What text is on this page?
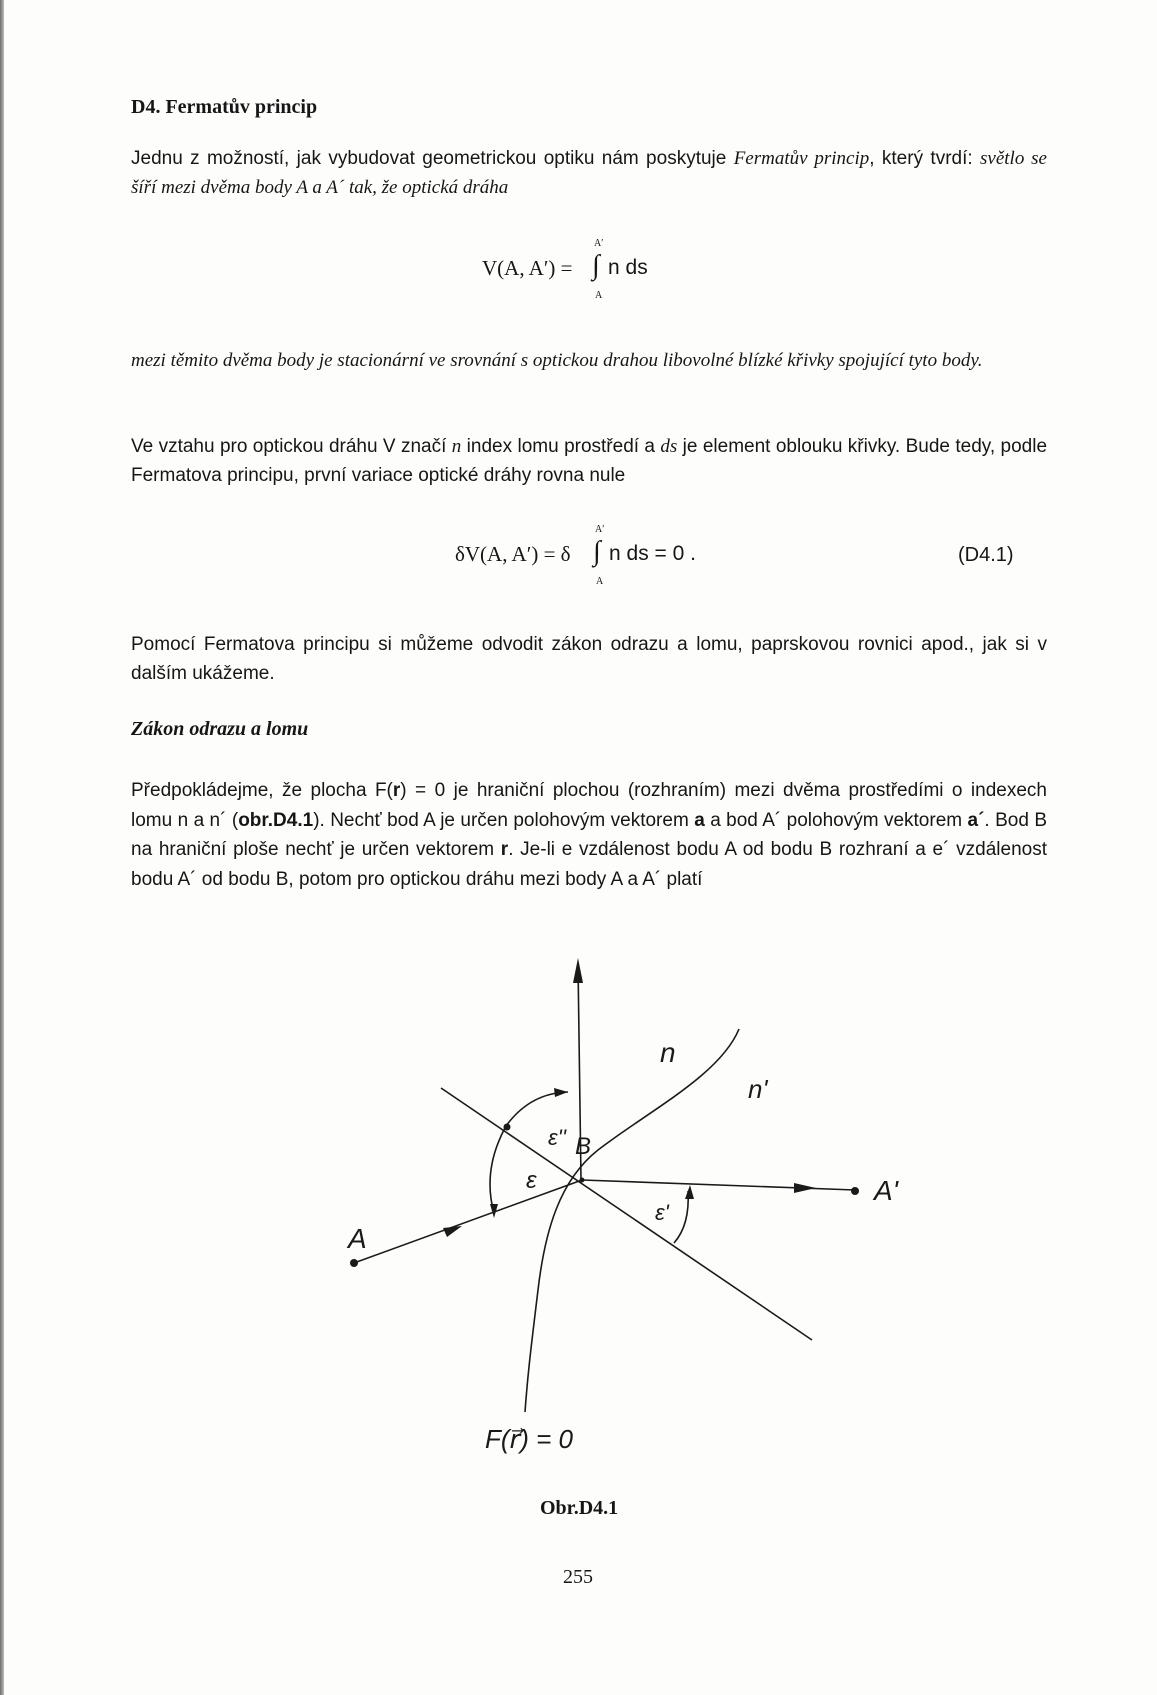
D4. Fermatův princip
Jednu z možností, jak vybudovat geometrickou optiku nám poskytuje Fermatův princip, který tvrdí: světlo se šíří mezi dvěma body A a A´ tak, že optická dráha
V(A, A′) =
A′
∫ n ds
A
mezi těmito dvěma body je stacionární ve srovnání s optickou drahou libovolné blízké křivky spojující tyto body.
Ve vztahu pro optickou dráhu V značí n index lomu prostředí a ds je element oblouku křivky. Bude tedy, podle Fermatova principu, první variace optické dráhy rovna nule
δV(A, A′) = δ
A′
∫ n ds = 0 .
A
(D4.1)
Pomocí Fermatova principu si můžeme odvodit zákon odrazu a lomu, paprskovou rovnici apod., jak si v dalším ukážeme.
Zákon odrazu a lomu
Předpokládejme, že plocha F(r) = 0 je hraniční plochou (rozhraním) mezi dvěma prostředími o indexech lomu n a n´ (obr.D4.1). Nechť bod A je určen polohovým vektorem a a bod A´ polohovým vektorem a´. Bod B na hraniční ploše nechť je určen vektorem r. Je-li e vzdálenost bodu A od bodu B rozhraní a e´ vzdálenost bodu A´ od bodu B, potom pro optickou dráhu mezi body A a A´ platí
n
n'
ε'' B
ε
ε'
A
A'
F(r⃗) = 0
Obr.D4.1
255
